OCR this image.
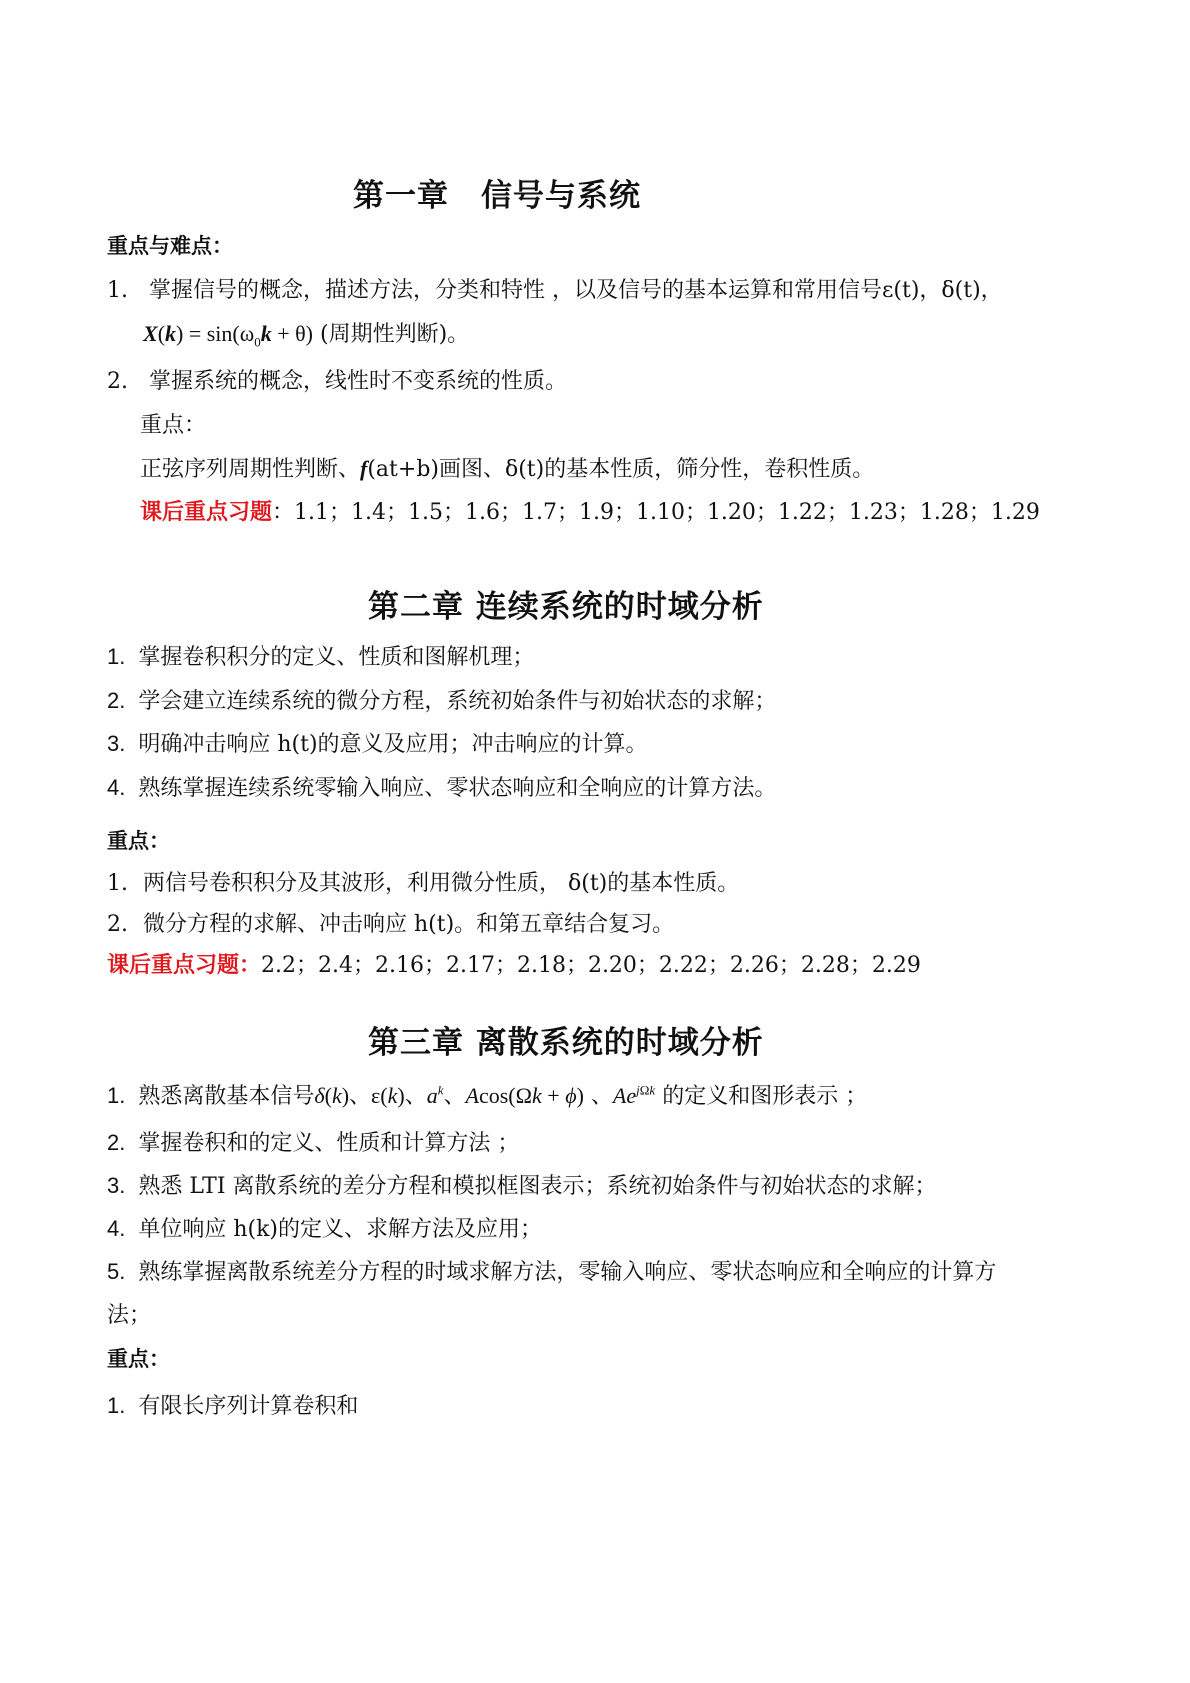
第一章　信号与系统
重点与难点：
1. 掌握信号的概念，描述方法，分类和特性 ，以及信号的基本运算和常用信号ε(t)，δ(t)，
$X(k) = \sin(\omega_0k + \theta)$ (周期性判断)。
2. 掌握系统的概念，线性时不变系统的性质。
重点：
正弦序列周期性判断、f(at+b)画图、δ(t)的基本性质，筛分性，卷积性质。
课后重点习题：1.1；1.4；1.5；1.6；1.7；1.9；1.10；1.20；1.22；1.23；1.28；1.29
第二章 连续系统的时域分析
1. 掌握卷积积分的定义、性质和图解机理；
2. 学会建立连续系统的微分方程，系统初始条件与初始状态的求解；
3. 明确冲击响应 h(t)的意义及应用；冲击响应的计算。
4. 熟练掌握连续系统零输入响应、零状态响应和全响应的计算方法。
重点：
1. 两信号卷积积分及其波形，利用微分性质， δ(t)的基本性质。
2. 微分方程的求解、冲击响应 h(t)。和第五章结合复习。
课后重点习题：2.2；2.4；2.16；2.17；2.18；2.20；2.22；2.26；2.28；2.29
第三章 离散系统的时域分析
1. 熟悉离散基本信号δ(k)、ε(k)、$a^k$、Acos(Ωk + ϕ) 、$Ae^{j\Omega k}$ 的定义和图形表示 ；
2. 掌握卷积和的定义、性质和计算方法 ；
3. 熟悉 LTI 离散系统的差分方程和模拟框图表示；系统初始条件与初始状态的求解；
4. 单位响应 h(k)的定义、求解方法及应用；
5. 熟练掌握离散系统差分方程的时域求解方法，零输入响应、零状态响应和全响应的计算方
法；
重点：
1. 有限长序列计算卷积和
